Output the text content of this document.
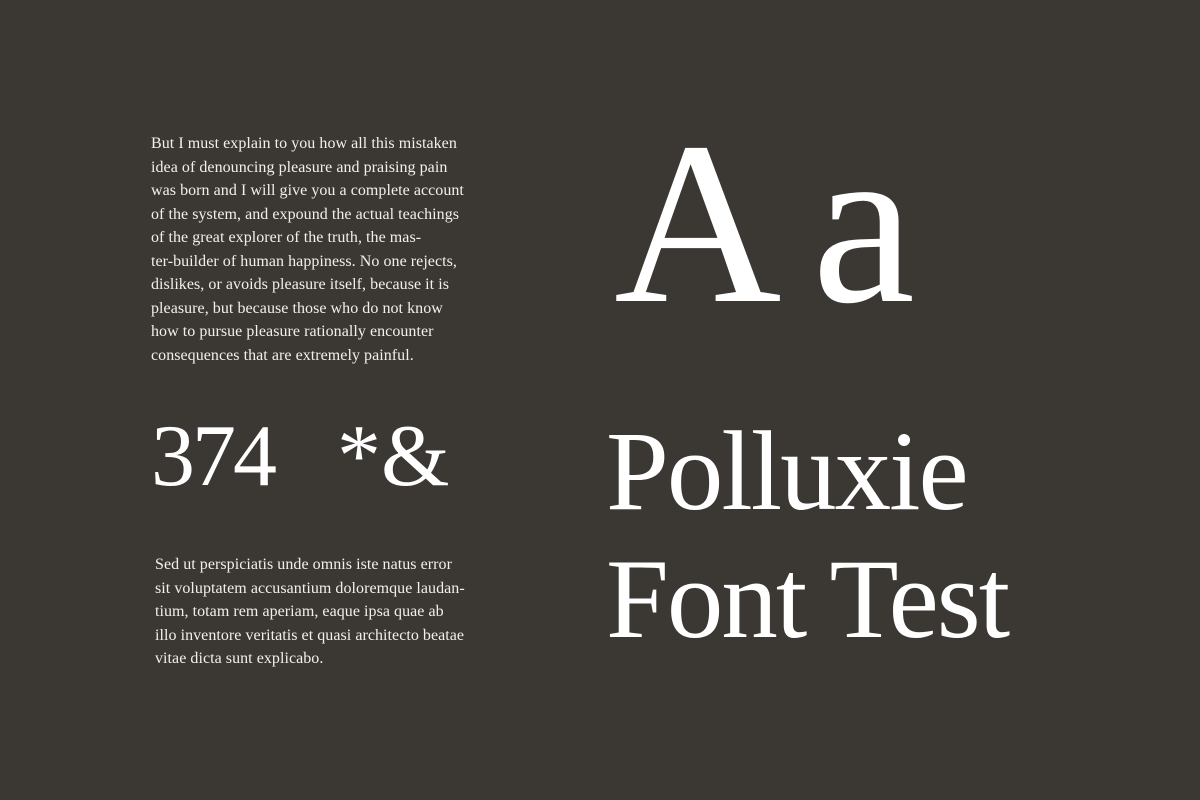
But I must explain to you how all this mistaken
idea of denouncing pleasure and praising pain
was born and I will give you a complete account
of the system, and expound the actual teachings
of the great explorer of the truth, the mas-
ter-builder of human happiness. No one rejects,
dislikes, or avoids pleasure itself, because it is
pleasure, but because those who do not know
how to pursue pleasure rationally encounter
consequences that are extremely painful.

A a
374 *&

Sed ut perspiciatis unde omnis iste natus error
sit voluptatem accusantium doloremque laudan-
tium, totam rem aperiam, eaque ipsa quae ab
illo inventore veritatis et quasi architecto beatae
vitae dicta sunt explicabo.

Polluxie
Font Test
